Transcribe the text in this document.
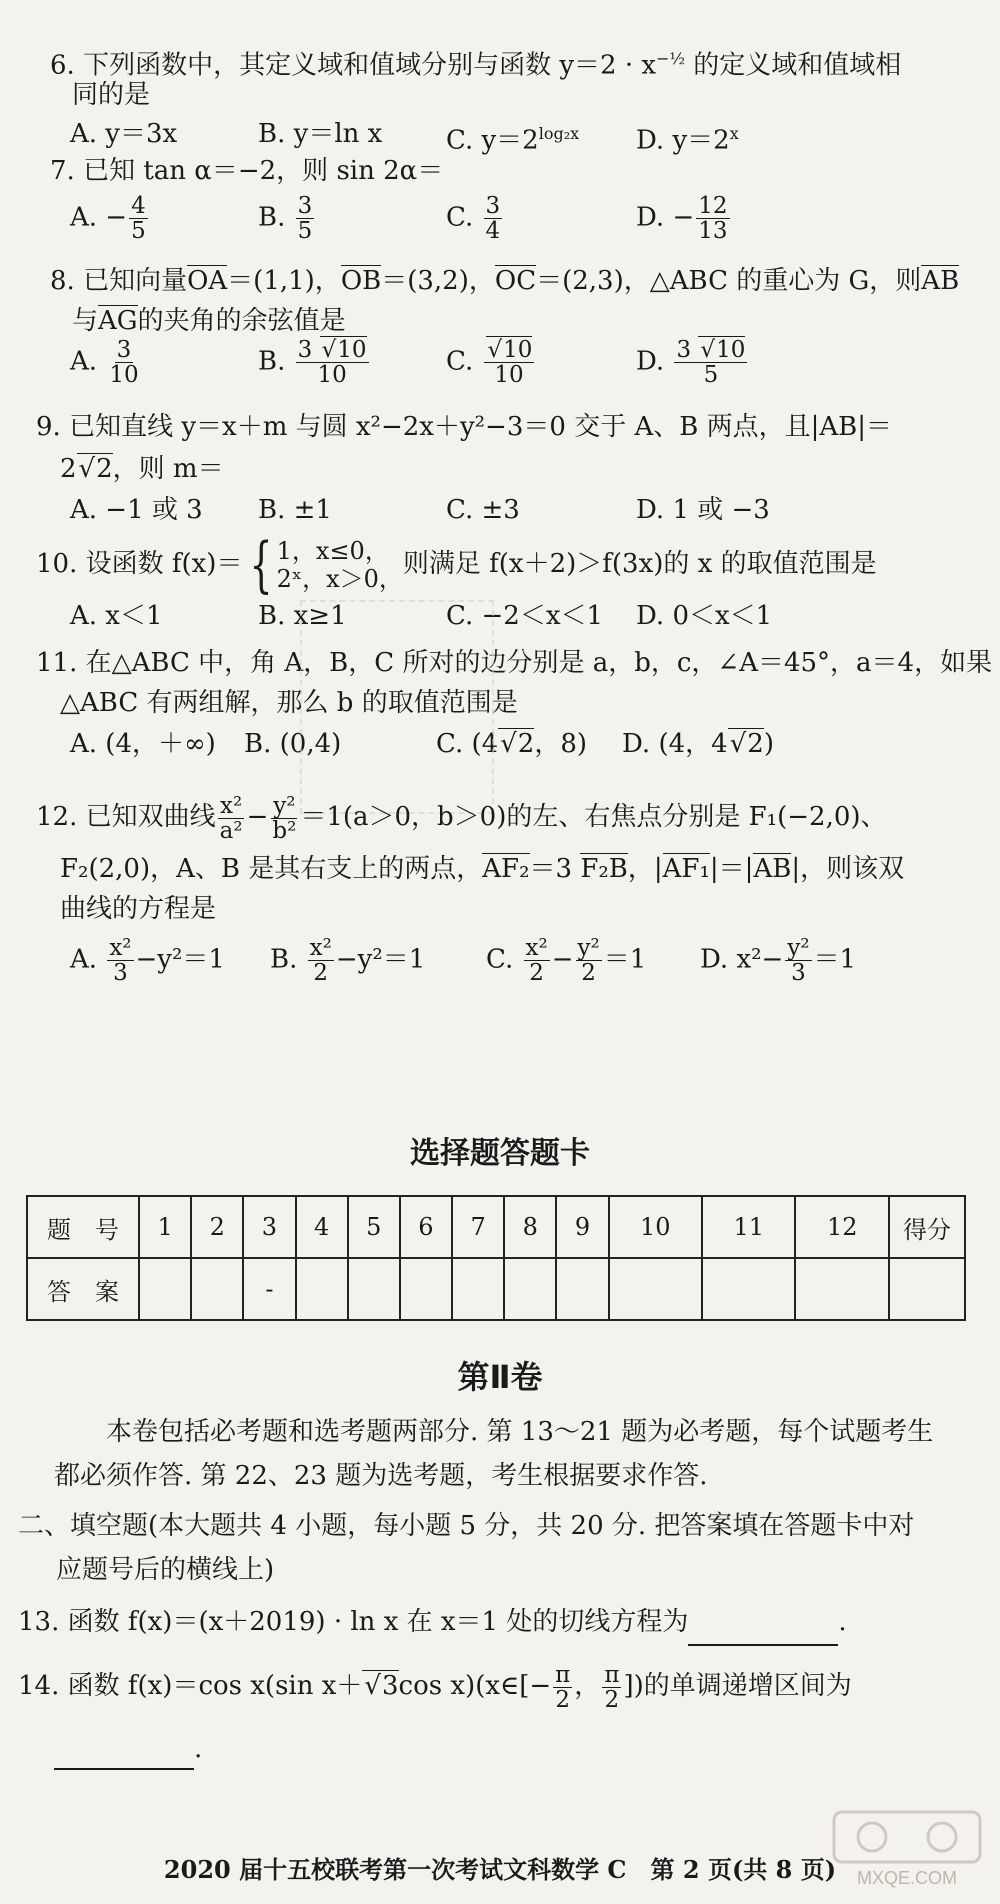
6. 下列函数中，其定义域和值域分别与函数 $y=2 \cdot x^{-\frac{1}{2}}$ 的定义域和值域相
同的是
A. y＝3x	B. y＝ln x C. $y=2^{log_2x}$ D. $y=2^x$
7. 已知 tan α＝−2，则 sin 2α＝
A. − $\frac{4}{5}$	B. $\frac{3}{5}$	C. $\frac{3}{4}$	D. − $\frac{12}{13}$
8. 已知向量OA＝(1,1)，OB＝(3,2)，OC＝(2,3)，△ABC 的重心为 G，则AB
与AG的夹角的余弦值是
A. $\frac{3}{10}$	B. $\frac{3 √ 10}{10}$	C. √ $\frac{10}{10}$	D. $\frac{3 √ 10}{5}$
9. 已知直线 y＝x＋m 与圆 x²−2x＋y²−3＝0 交于 A、B 两点，且|AB|＝
2 √ 2，则 m＝
A. −1 或 3 B. ±1	C. ±3	D. 1 或 −3
10. 设函数 f(x)＝ { 1，x≤0，
2ˣ，x＞0， 则满足 f(x＋2)＞f(3x)的 x 的取值范围是
A. x＜1	B. x≥1	C. −2＜x＜1 D. 0＜x＜1
11. 在△ABC 中，角 A，B，C 所对的边分别是 a，b，c，∠A＝45°，a＝4，如果
△ABC 有两组解，那么 b 的取值范围是
A. (4，＋∞) B. (0,4)	C. (4 √ 2，8) D. (4，4 √ 2)
12. 已知双曲线 $\frac{\text{x²}}{\text{a²}} - \frac{\text{y²}}{\text{b²}} =1(a>0$，b＞0)的左、右焦点分别是 F₁(−2,0)、
F₂(2,0)，A、B 是其右支上的两点，AF₂＝3 F₂B，|AF₁|＝|AB|，则该双
曲线的方程是
A. $\frac{\text{x²}}{3} -y^2=1$ B. $\frac{\text{x²}}{2} -y^2=1$ C. $\frac{\text{x²}}{2} - \frac{\text{y²}}{2} =1$ D. $x^2- \frac{\text{y²}}{3} =1$
选择题答题卡
题　号	1	2	3	4	5	6	7	8	9	10	11	12	得分
答　案			-										
第Ⅱ卷
本卷包括必考题和选考题两部分. 第 13～21 题为必考题，每个试题考生都必须作答. 第 22、23 题为选考题，考生根据要求作答.
二、填空题(本大题共 4 小题，每小题 5 分，共 20 分. 把答案填在答题卡中对
应题号后的横线上)
13. 函数 f(x)＝(x＋2019) · ln x 在 x＝1 处的切线方程为	.
14. 函数 f(x)＝cos x(sin x＋ √ 3cos x)(x∈[− $\frac{\pi}{2}$ ， $\frac{\pi}{2}$ ])的单调递增区间为
.
2020 届十五校联考第一次考试文科数学 C　第 2 页(共 8 页)	MXQE.COM
